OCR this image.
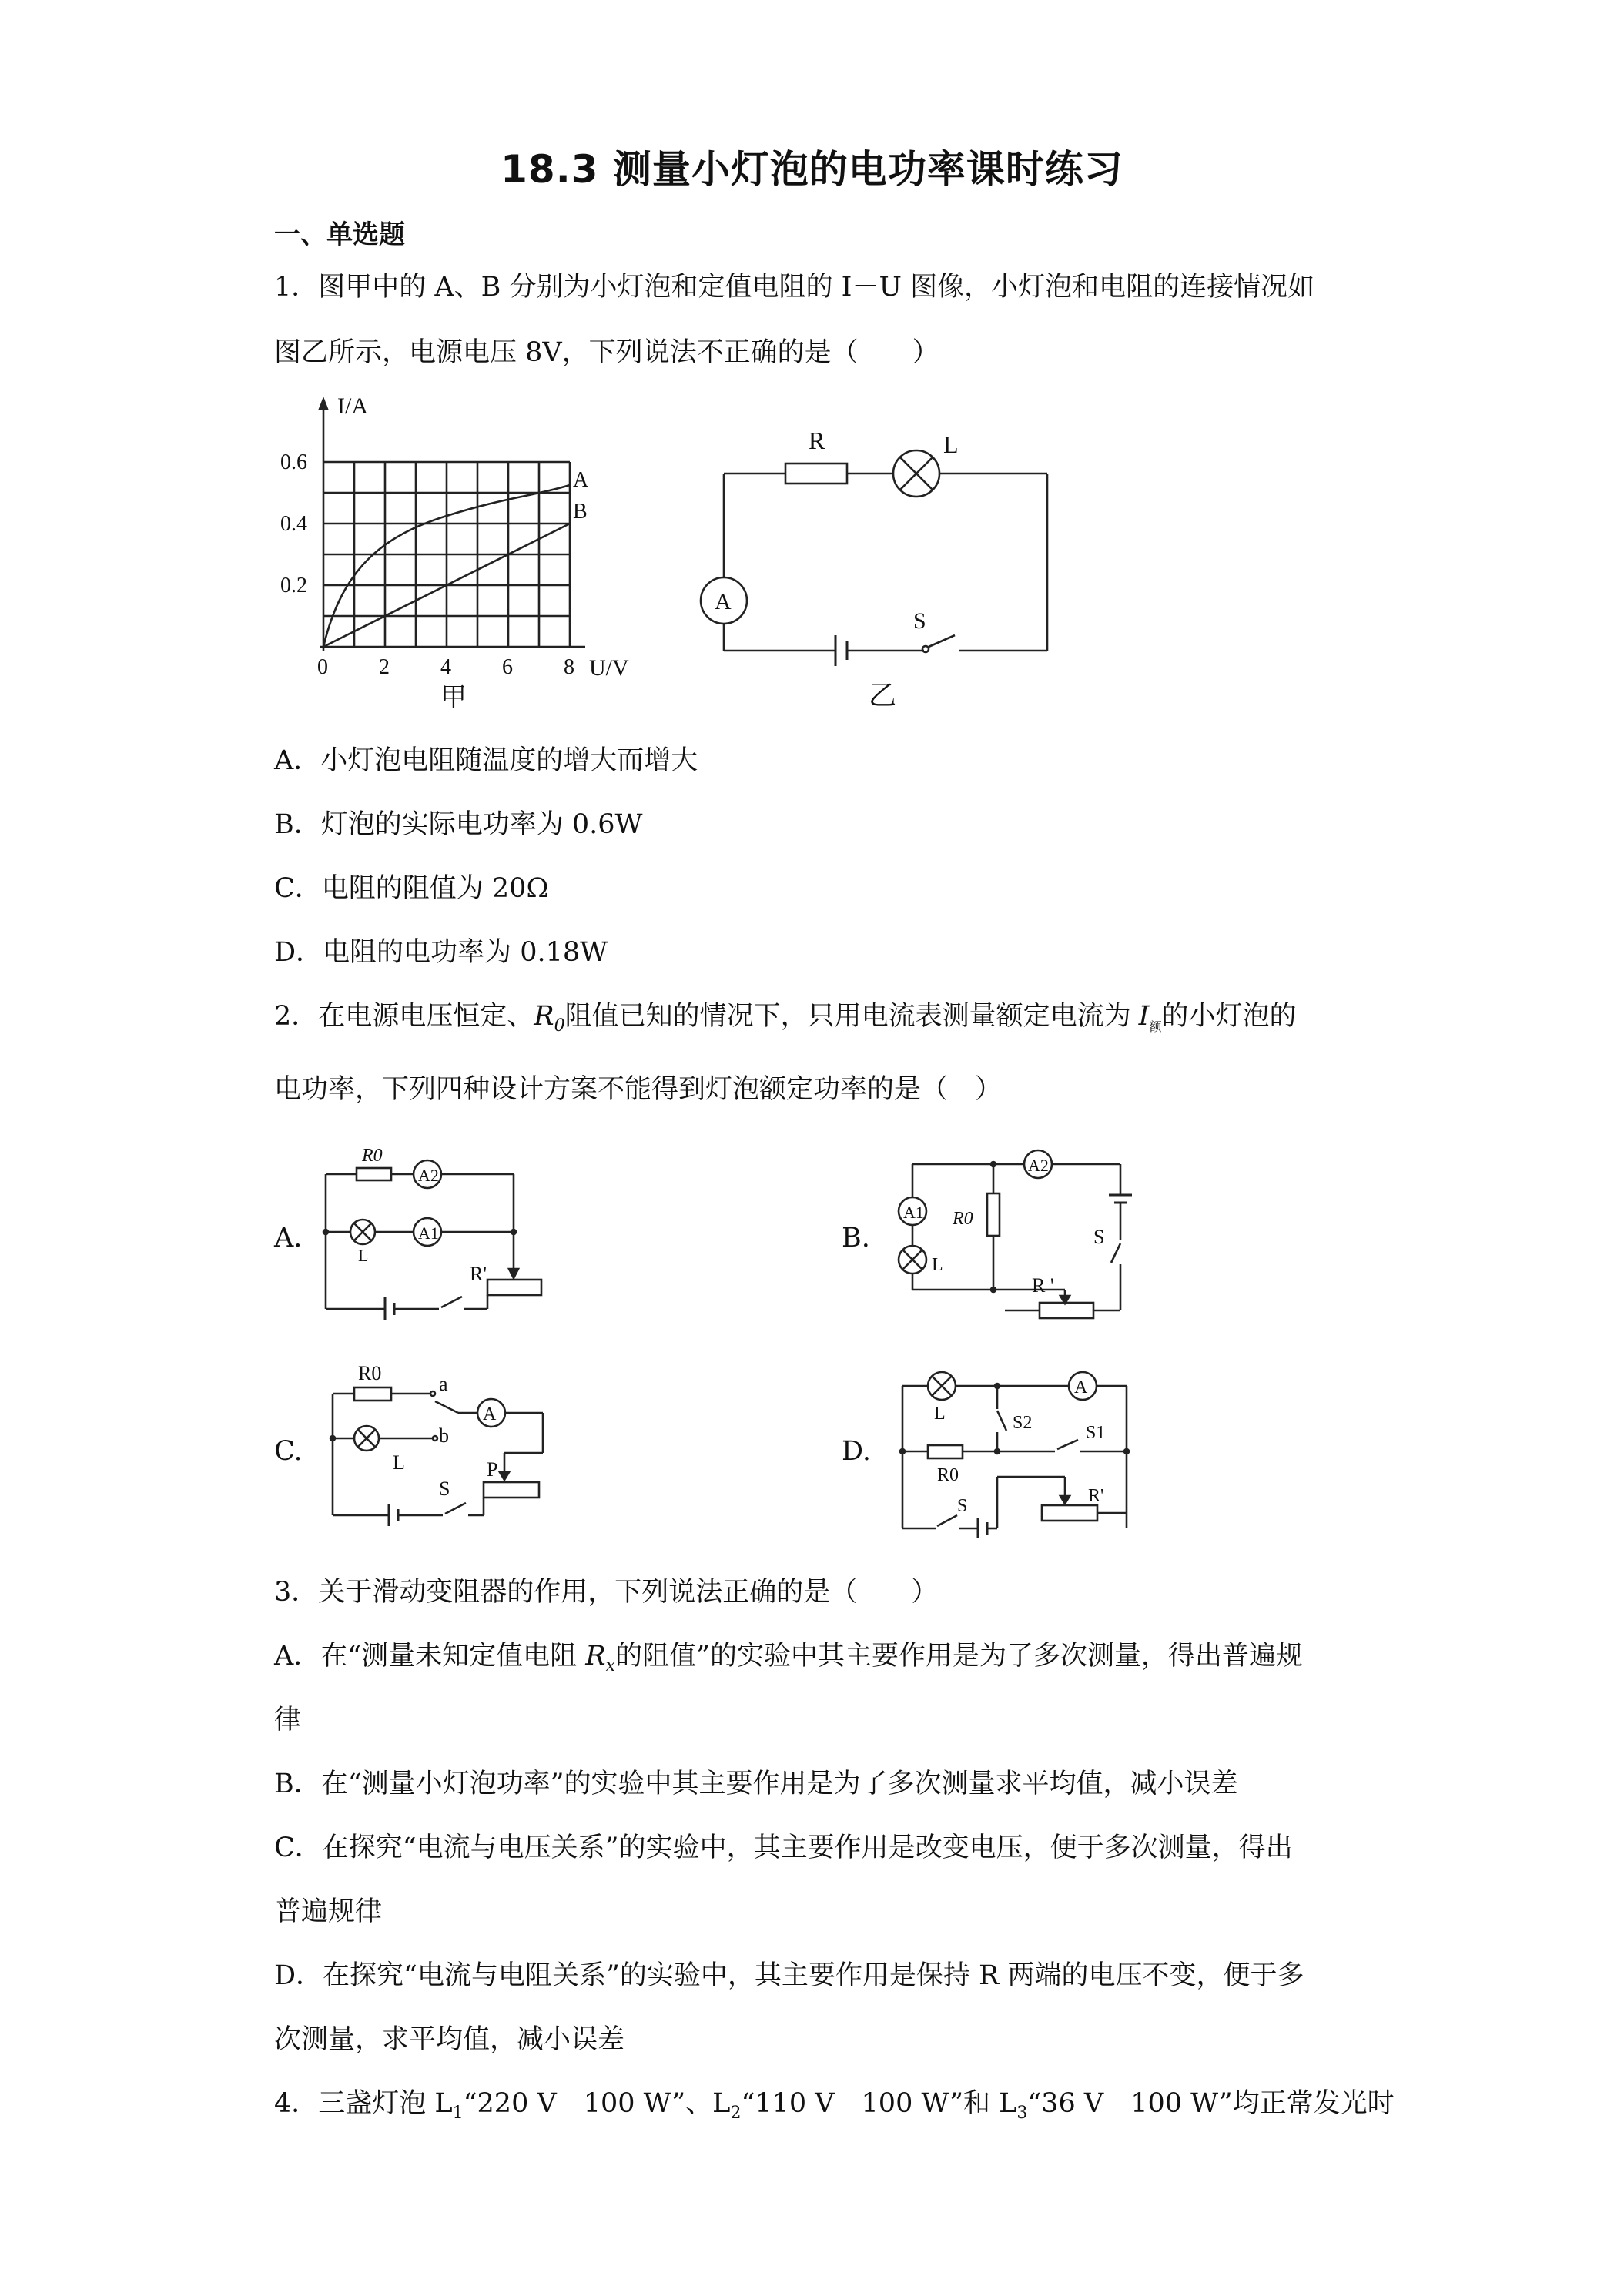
18.3 测量小灯泡的电功率课时练习
一、单选题
1．图甲中的 A、B 分别为小灯泡和定值电阻的 I－U 图像，小灯泡和电阻的连接情况如
图乙所示，电源电压 8V，下列说法不正确的是（　　）
I/A
0.6
0.4
0.2
0 2 4 6 8 U/V
A
B
甲
R	L
A
S
乙
A．小灯泡电阻随温度的增大而增大
B．灯泡的实际电功率为 0.6W
C．电阻的阻值为 20Ω
D．电阻的电功率为 0.18W
2．在电源电压恒定、$R_0$阻值已知的情况下，只用电流表测量额定电流为 $I_额$的小灯泡的
电功率，下列四种设计方案不能得到灯泡额定功率的是（　）
A.	B.
C.	D.
R0
A2
L
A1
R'
A1
A2
R0
L
S
R '
R0	a
b
A
L
S
P
L
A
S2	S1
R0
S	R'
3．关于滑动变阻器的作用，下列说法正确的是（　　）
A．在“测量未知定值电阻 $R_x$的阻值”的实验中其主要作用是为了多次测量，得出普遍规
律
B．在“测量小灯泡功率”的实验中其主要作用是为了多次测量求平均值，减小误差
C．在探究“电流与电压关系”的实验中，其主要作用是改变电压，便于多次测量，得出
普遍规律
D．在探究“电流与电阻关系”的实验中，其主要作用是保持 R 两端的电压不变，便于多
次测量，求平均值，减小误差
4．三盏灯泡 $L_1“220$ V　100 W”、$L_2“110$ V　100 W”和 $L_3“36$ V　100 W”均正常发光时
